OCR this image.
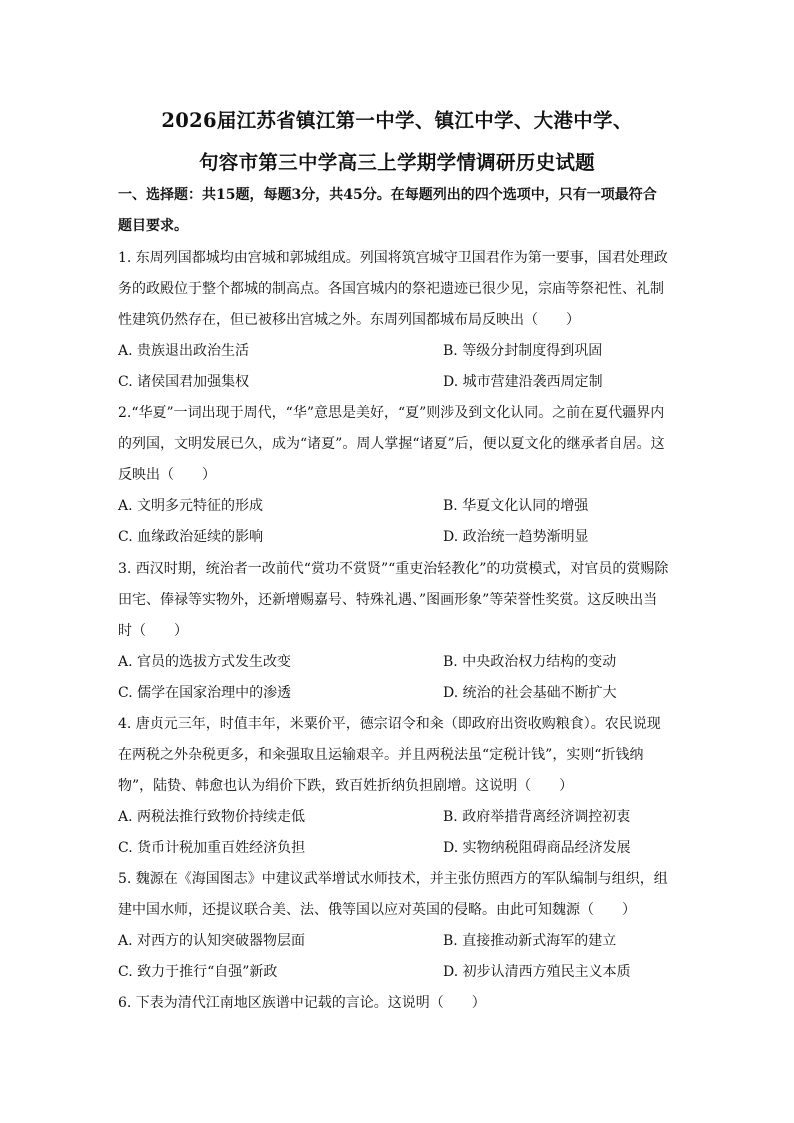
2026届江苏省镇江第一中学、镇江中学、大港中学、
句容市第三中学高三上学期学情调研历史试题
一、选择题：共15题，每题3分，共45分。在每题列出的四个选项中，只有一项最符合
题目要求。
1. 东周列国都城均由宫城和郭城组成。列国将筑宫城守卫国君作为第一要事，国君处理政
务的政殿位于整个都城的制高点。各国宫城内的祭祀遗迹已很少见，宗庙等祭祀性、礼制
性建筑仍然存在，但已被移出宫城之外。东周列国都城布局反映出（　　）
A. 贵族退出政治生活	B. 等级分封制度得到巩固
C. 诸侯国君加强集权	D. 城市营建沿袭西周定制
2.“华夏”一词出现于周代，“华”意思是美好，“夏”则涉及到文化认同。之前在夏代疆界内
的列国，文明发展已久，成为“诸夏”。周人掌握“诸夏”后，便以夏文化的继承者自居。这
反映出（　　）
A. 文明多元特征的形成	B. 华夏文化认同的增强
C. 血缘政治延续的影响	D. 政治统一趋势渐明显
3. 西汉时期，统治者一改前代“赏功不赏贤”“重吏治轻教化”的功赏模式，对官员的赏赐除
田宅、俸禄等实物外，还新增赐嘉号、特殊礼遇、”图画形象”等荣誉性奖赏。这反映出当
时（　　）
A. 官员的选拔方式发生改变	B. 中央政治权力结构的变动
C. 儒学在国家治理中的渗透	D. 统治的社会基础不断扩大
4. 唐贞元三年，时值丰年，米粟价平，德宗诏令和籴（即政府出资收购粮食）。农民说现
在两税之外杂税更多，和籴强取且运输艰辛。并且两税法虽“定税计钱”，实则“折钱纳
物”，陆贽、韩愈也认为绢价下跌，致百姓折纳负担剧增。这说明（　　）
A. 两税法推行致物价持续走低	B. 政府举措背离经济调控初衷
C. 货币计税加重百姓经济负担	D. 实物纳税阻碍商品经济发展
5. 魏源在《海国图志》中建议武举增试水师技术，并主张仿照西方的军队编制与组织，组
建中国水师，还提议联合美、法、俄等国以应对英国的侵略。由此可知魏源（　　）
A. 对西方的认知突破器物层面	B. 直接推动新式海军的建立
C. 致力于推行“自强”新政	D. 初步认清西方殖民主义本质
6. 下表为清代江南地区族谱中记载的言论。这说明（　　）
